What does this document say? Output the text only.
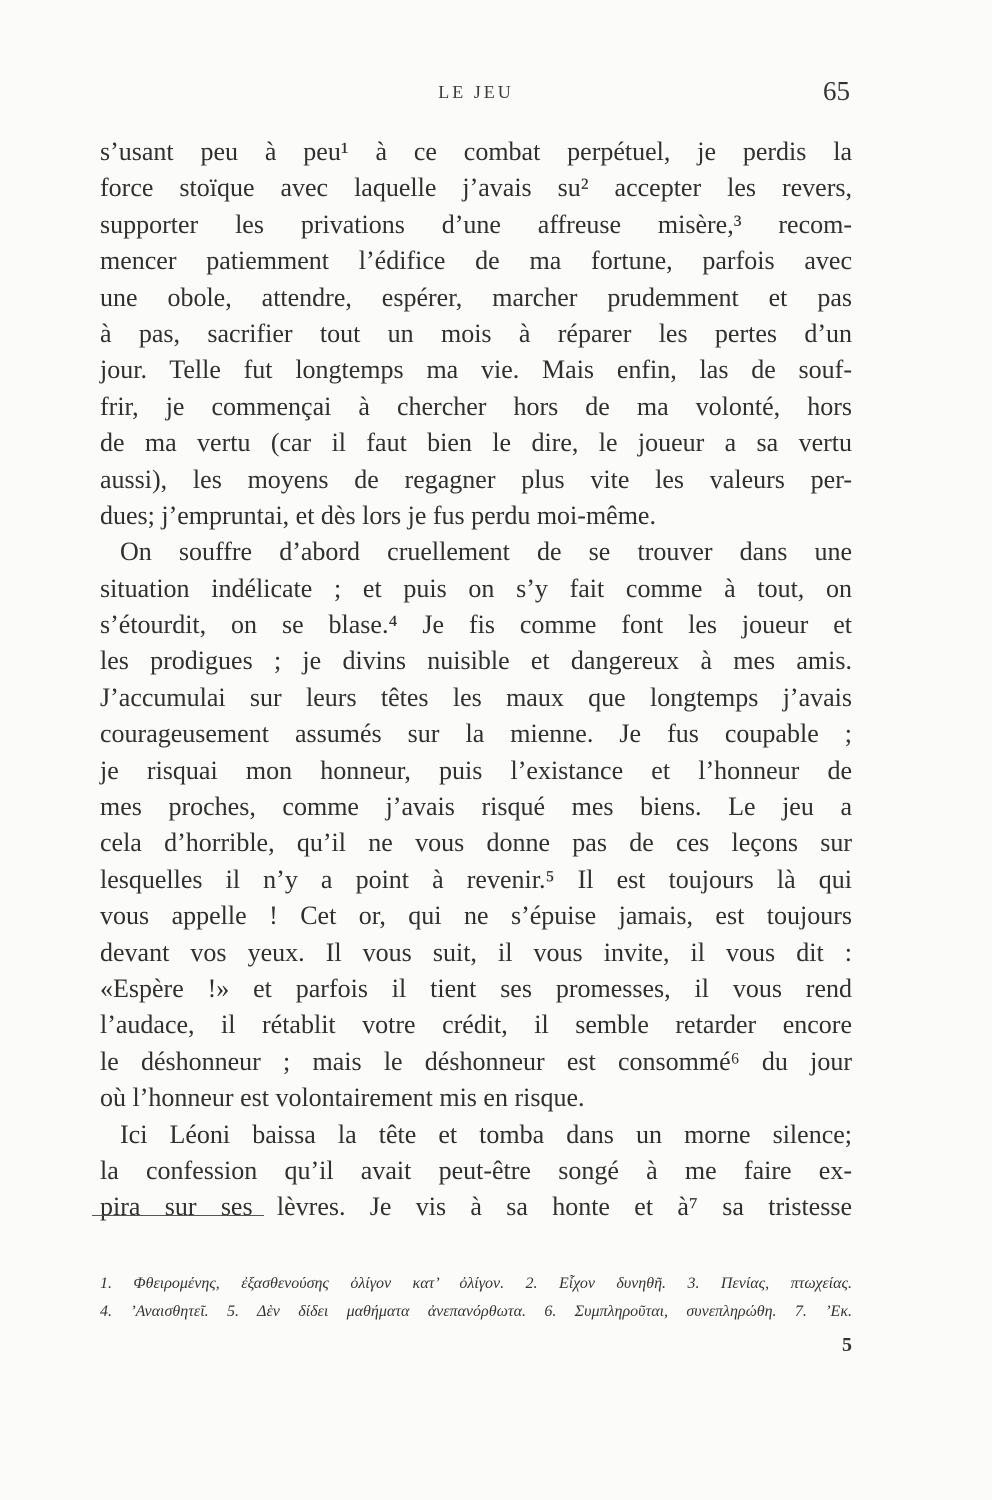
LE JEU	65
s’usant peu à peu¹ à ce combat perpétuel, je perdis la
force stoïque avec laquelle j’avais su² accepter les revers,
supporter les privations d’une affreuse misère,³ recom-
mencer patiemment l’édifice de ma fortune, parfois avec
une obole, attendre, espérer, marcher prudemment et pas
à pas, sacrifier tout un mois à réparer les pertes d’un
jour. Telle fut longtemps ma vie. Mais enfin, las de souf-
frir, je commençai à chercher hors de ma volonté, hors
de ma vertu (car il faut bien le dire, le joueur a sa vertu
aussi), les moyens de regagner plus vite les valeurs per-
dues; j’empruntai, et dès lors je fus perdu moi-même.
On souffre d’abord cruellement de se trouver dans une
situation indélicate ; et puis on s’y fait comme à tout, on
s’étourdit, on se blase.⁴ Je fis comme font les joueur et
les prodigues ; je divins nuisible et dangereux à mes amis.
J’accumulai sur leurs têtes les maux que longtemps j’avais
courageusement assumés sur la mienne. Je fus coupable ;
je risquai mon honneur, puis l’existance et l’honneur de
mes proches, comme j’avais risqué mes biens. Le jeu a
cela d’horrible, qu’il ne vous donne pas de ces leçons sur
lesquelles il n’y a point à revenir.⁵ Il est toujours là qui
vous appelle ! Cet or, qui ne s’épuise jamais, est toujours
devant vos yeux. Il vous suit, il vous invite, il vous dit :
«Espère !» et parfois il tient ses promesses, il vous rend
l’audace, il rétablit votre crédit, il semble retarder encore
le déshonneur ; mais le déshonneur est consommé⁶ du jour
où l’honneur est volontairement mis en risque.
Ici Léoni baissa la tête et tomba dans un morne silence;
la confession qu’il avait peut-être songé à me faire ex-
pira sur ses lèvres. Je vis à sa honte et à⁷ sa tristesse
1. Φθειρομένης, ἐξασθενούσης ὀλίγον κατ’ ὀλίγον. 2. Εἶχον δυνηθῆ. 3. Πενίας, πτωχείας.
4. ’Αναισθητεῖ. 5. Δὲν δίδει μαθήματα ἀνεπανόρθωτα. 6. Συμπληροῦται, συνεπληρώθη. 7. ’Εκ.
5
